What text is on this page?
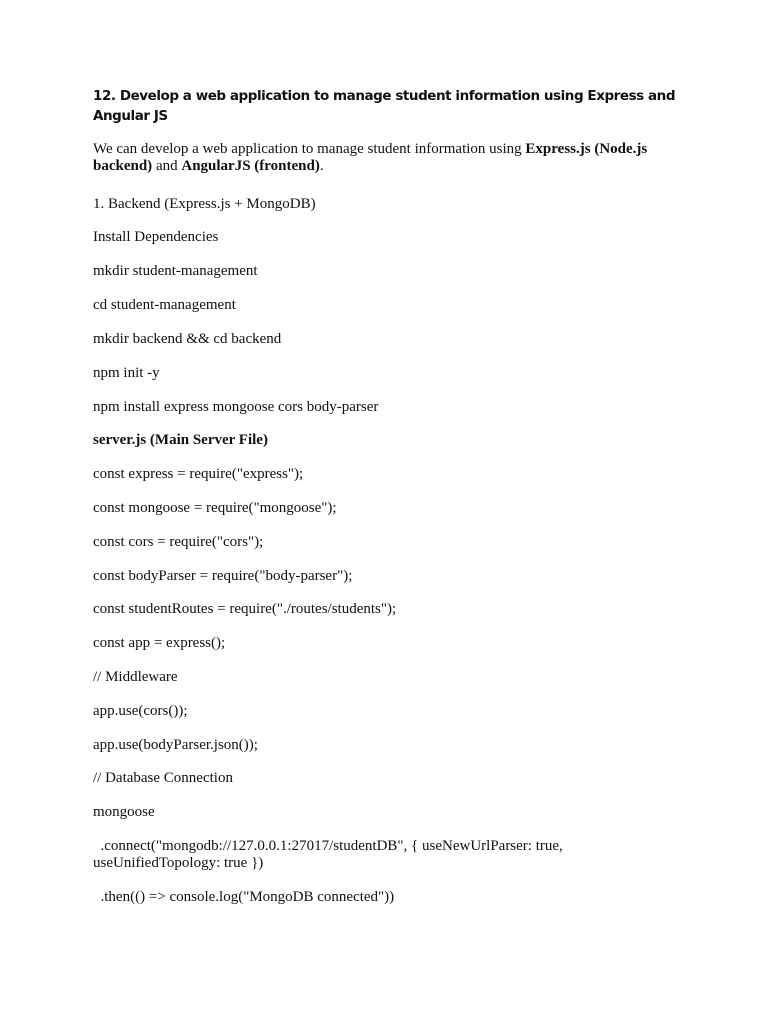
12. Develop a web application to manage student information using Express and Angular JS

We can develop a web application to manage student information using Express.js (Node.js backend) and AngularJS (frontend).

1. Backend (Express.js + MongoDB)

Install Dependencies

mkdir student-management

cd student-management

mkdir backend && cd backend

npm init -y

npm install express mongoose cors body-parser

server.js (Main Server File)

const express = require("express");

const mongoose = require("mongoose");

const cors = require("cors");

const bodyParser = require("body-parser");

const studentRoutes = require("./routes/students");

const app = express();

// Middleware

app.use(cors());

app.use(bodyParser.json());

// Database Connection

mongoose

.connect("mongodb://127.0.0.1:27017/studentDB", { useNewUrlParser: true, useUnifiedTopology: true })

.then(() => console.log("MongoDB connected"))
